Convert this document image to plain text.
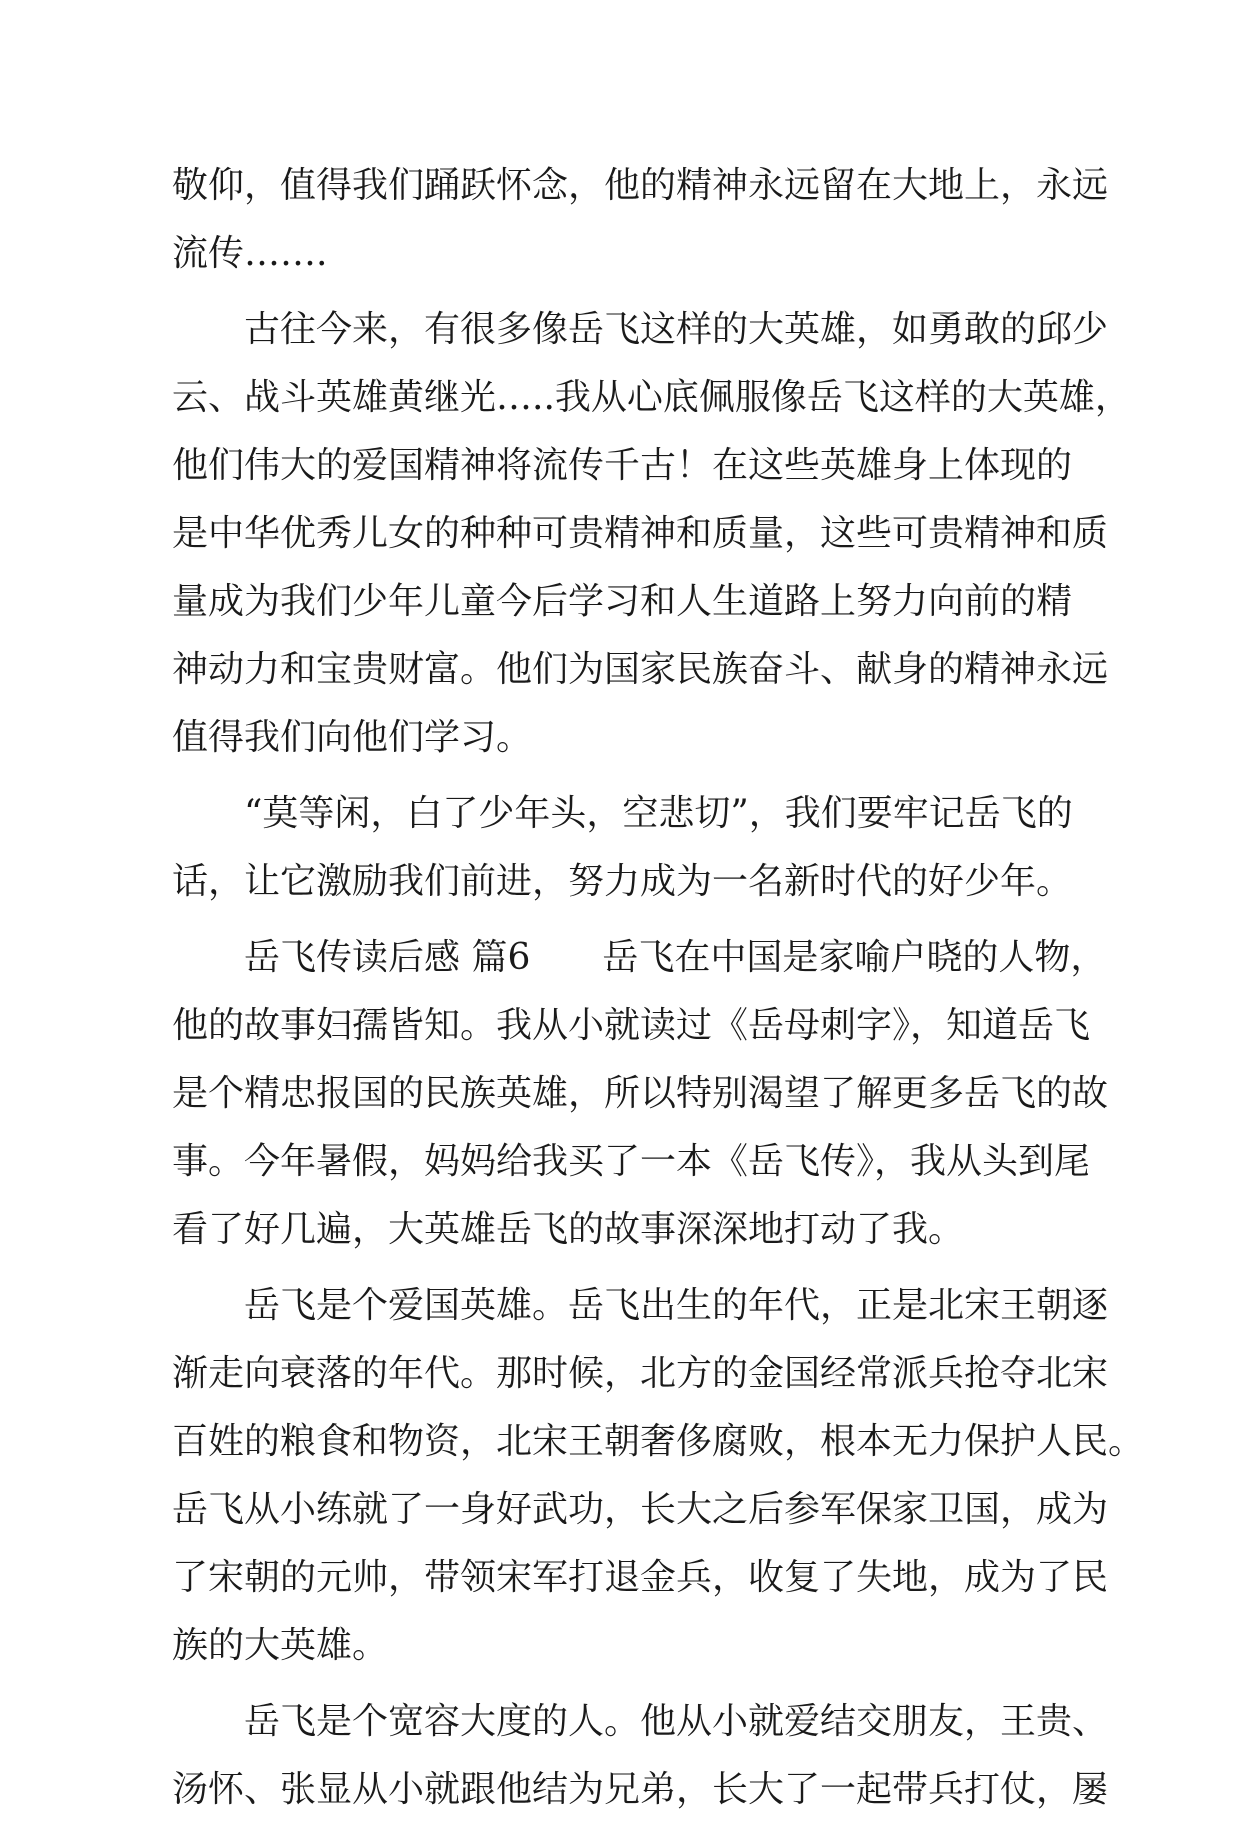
敬仰，值得我们踊跃怀念，他的精神永远留在大地上，永远
流传…….
古往今来，有很多像岳飞这样的大英雄，如勇敢的邱少
云、战斗英雄黄继光…..我从心底佩服像岳飞这样的大英雄，
他们伟大的爱国精神将流传千古！在这些英雄身上体现的
是中华优秀儿女的种种可贵精神和质量，这些可贵精神和质
量成为我们少年儿童今后学习和人生道路上努力向前的精
神动力和宝贵财富。他们为国家民族奋斗、献身的精神永远
值得我们向他们学习。
“莫等闲，白了少年头，空悲切”，我们要牢记岳飞的
话，让它激励我们前进，努力成为一名新时代的好少年。
岳飞传读后感 篇6　　岳飞在中国是家喻户晓的人物，
他的故事妇孺皆知。我从小就读过《岳母刺字》，知道岳飞
是个精忠报国的民族英雄，所以特别渴望了解更多岳飞的故
事。今年暑假，妈妈给我买了一本《岳飞传》，我从头到尾
看了好几遍，大英雄岳飞的故事深深地打动了我。
岳飞是个爱国英雄。岳飞出生的年代，正是北宋王朝逐
渐走向衰落的年代。那时候，北方的金国经常派兵抢夺北宋
百姓的粮食和物资，北宋王朝奢侈腐败，根本无力保护人民。
岳飞从小练就了一身好武功，长大之后参军保家卫国，成为
了宋朝的元帅，带领宋军打退金兵，收复了失地，成为了民
族的大英雄。
岳飞是个宽容大度的人。他从小就爱结交朋友，王贵、
汤怀、张显从小就跟他结为兄弟，长大了一起带兵打仗，屡
